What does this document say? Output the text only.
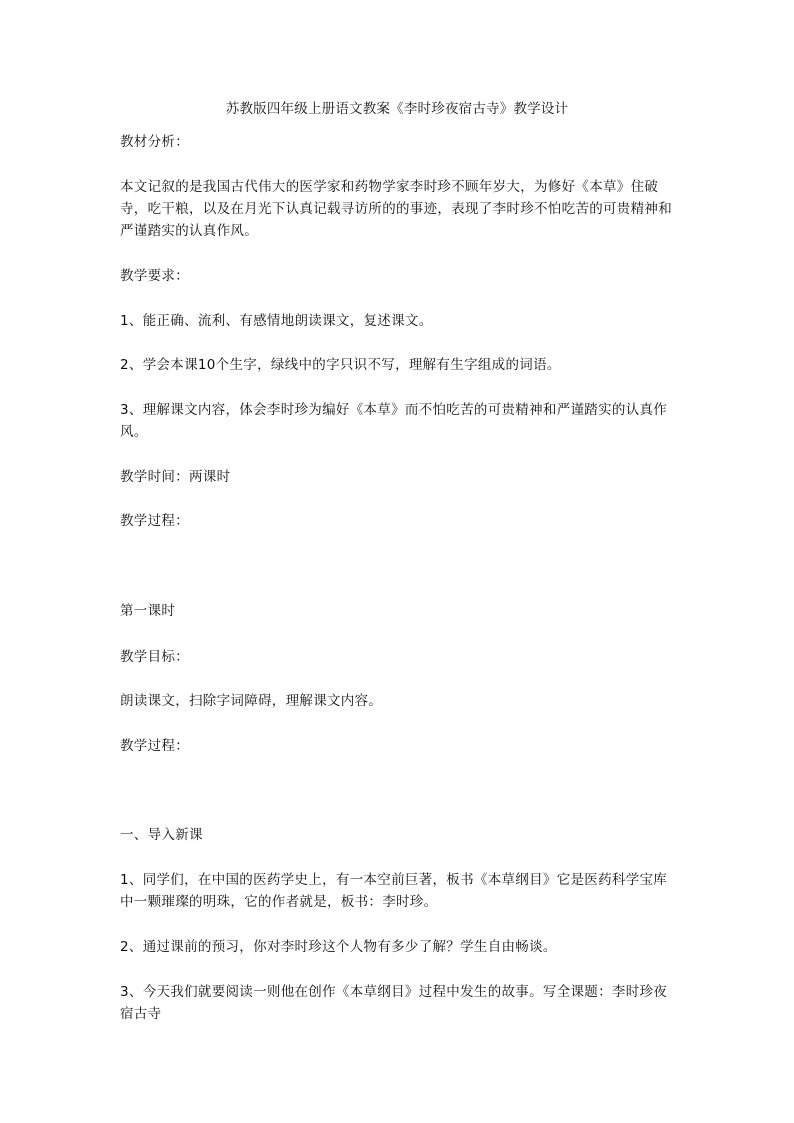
苏教版四年级上册语文教案《李时珍夜宿古寺》教学设计

教材分析：

本文记叙的是我国古代伟大的医学家和药物学家李时珍不顾年岁大，为修好《本草》住破寺，吃干粮，以及在月光下认真记载寻访所的的事迹，表现了李时珍不怕吃苦的可贵精神和严谨踏实的认真作风。

教学要求：

1、能正确、流利、有感情地朗读课文，复述课文。

2、学会本课10个生字，绿线中的字只识不写，理解有生字组成的词语。

3、理解课文内容，体会李时珍为编好《本草》而不怕吃苦的可贵精神和严谨踏实的认真作风。

教学时间：两课时

教学过程：

第一课时

教学目标：

朗读课文，扫除字词障碍，理解课文内容。

教学过程：

一、导入新课

1、同学们，在中国的医药学史上，有一本空前巨著，板书《本草纲目》它是医药科学宝库中一颗璀璨的明珠，它的作者就是，板书：李时珍。

2、通过课前的预习，你对李时珍这个人物有多少了解？学生自由畅谈。

3、今天我们就要阅读一则他在创作《本草纲目》过程中发生的故事。写全课题：李时珍夜宿古寺
